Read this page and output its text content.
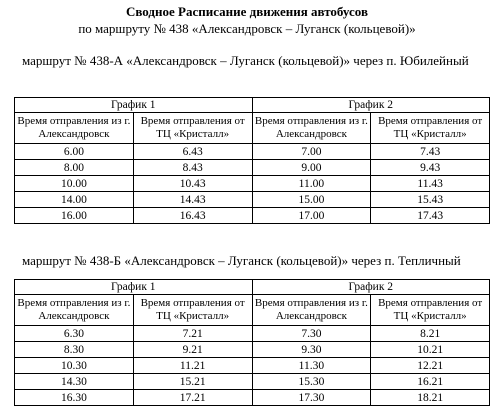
Сводное Расписание движения автобусов
по маршруту № 438 «Александровск – Луганск (кольцевой)»
маршрут № 438-А «Александровск – Луганск (кольцевой)» через п. Юбилейный
График 1		График 2	
Время отправления из г. Александровск	Время отправления от ТЦ «Кристалл»	Время отправления из г. Александровск	Время отправления от ТЦ «Кристалл»
6.00	6.43	7.00	7.43
8.00	8.43	9.00	9.43
10.00	10.43	11.00	11.43
14.00	14.43	15.00	15.43
16.00	16.43	17.00	17.43
маршрут № 438-Б «Александровск – Луганск (кольцевой)» через п. Тепличный
График 1		График 2	
Время отправления из г. Александровск	Время отправления от ТЦ «Кристалл»	Время отправления из г. Александровск	Время отправления от ТЦ «Кристалл»
6.30	7.21	7.30	8.21
8.30	9.21	9.30	10.21
10.30	11.21	11.30	12.21
14.30	15.21	15.30	16.21
16.30	17.21	17.30	18.21
